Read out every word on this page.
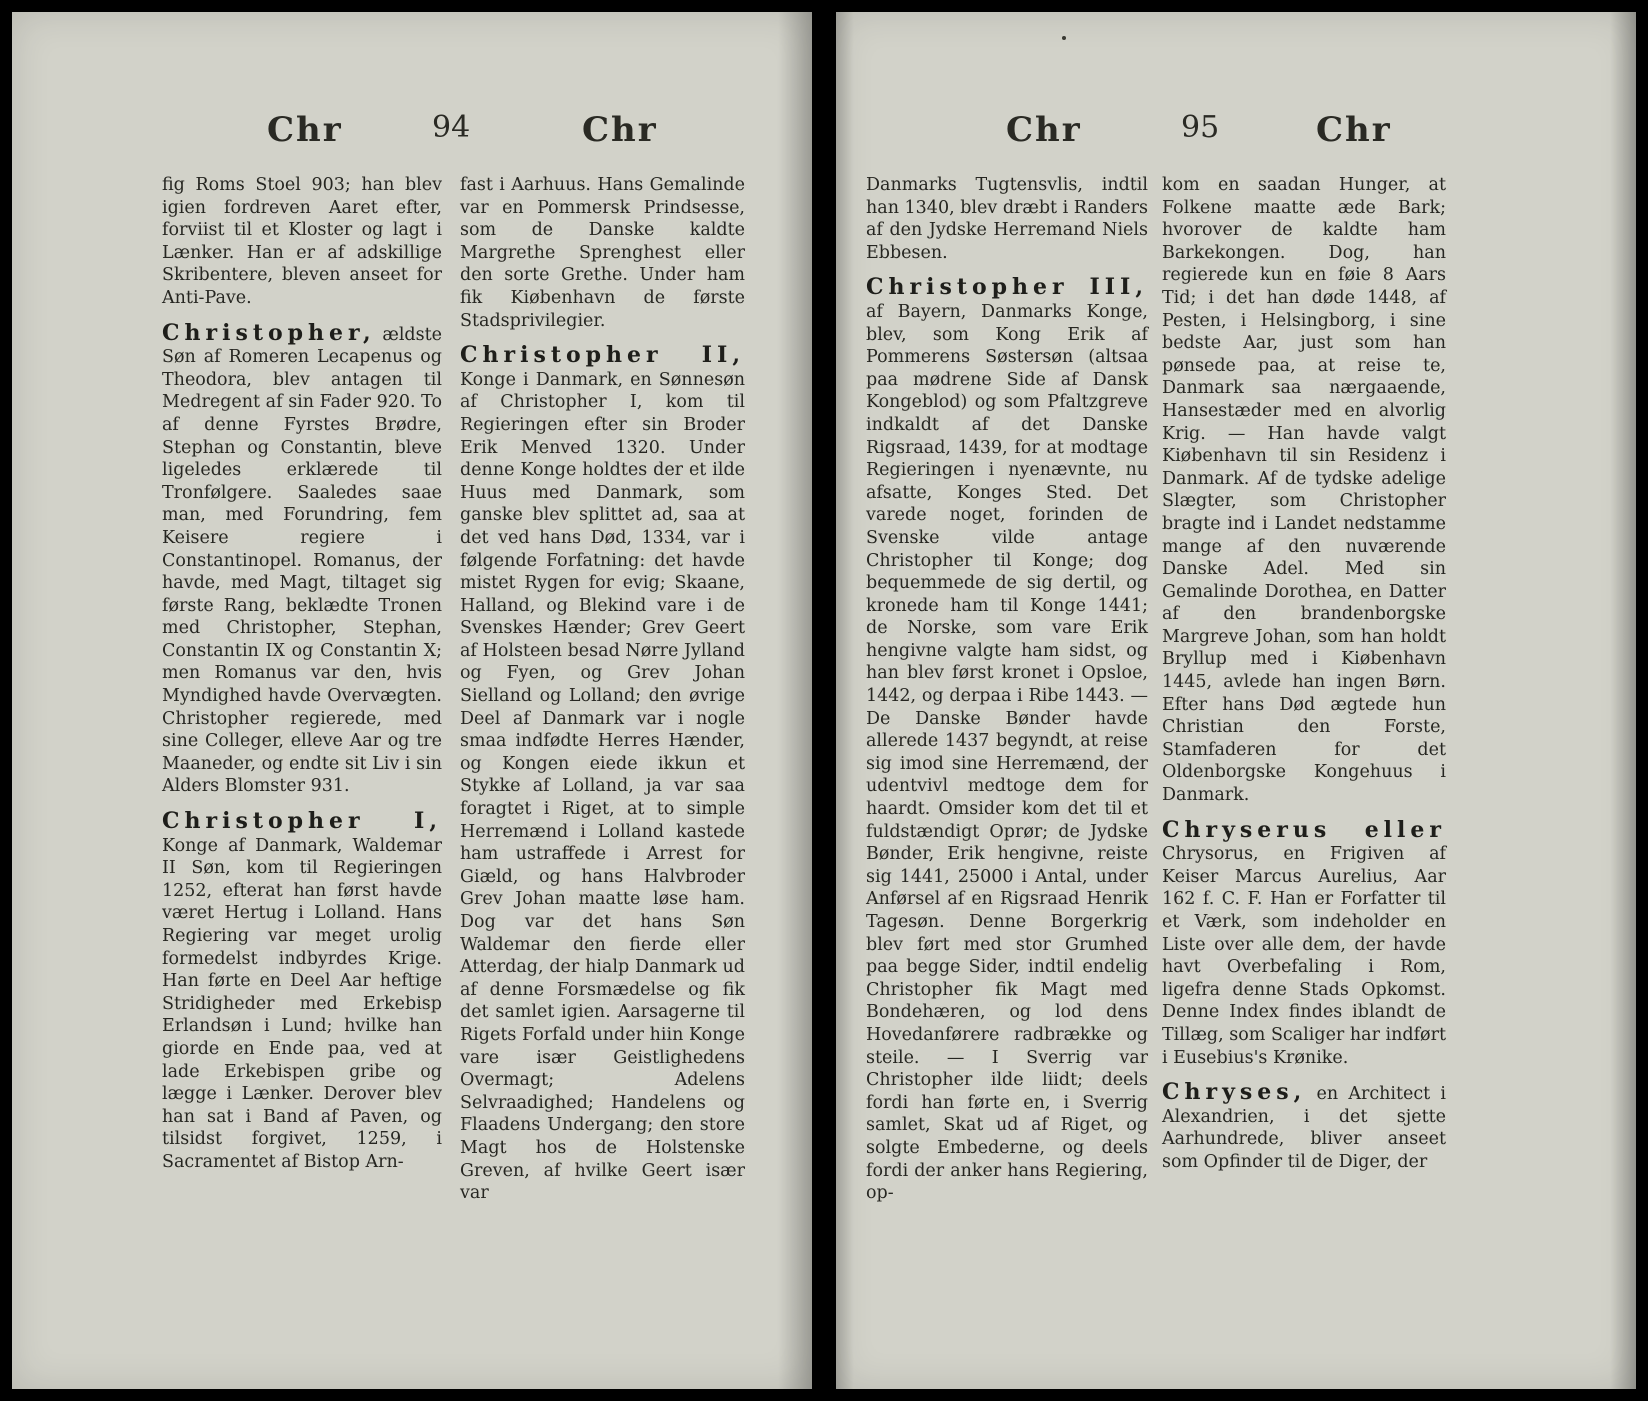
Chr	94	Chr

fig Roms Stoel 903; han blev igien fordreven Aaret efter, forviist til et Kloster og lagt i Lænker. Han er af adskillige Skribentere, bleven anseet for Anti-Pave.

Christopher, ældste Søn af Romeren Lecapenus og Theodora, blev antagen til Medregent af sin Fader 920. To af denne Fyrstes Brødre, Stephan og Constantin, bleve ligeledes erklærede til Tronfølgere. Saaledes saae man, med Forundring, fem Keisere regiere i Constantinopel. Romanus, der havde, med Magt, tiltaget sig første Rang, beklædte Tronen med Christopher, Stephan, Constantin IX og Constantin X; men Romanus var den, hvis Myndighed havde Overvægten. Christopher regierede, med sine Colleger, elleve Aar og tre Maaneder, og endte sit Liv i sin Alders Blomster 931.

Christopher I, Konge af Danmark, Waldemar II Søn, kom til Regieringen 1252, efterat han først havde været Hertug i Lolland. Hans Regiering var meget urolig formedelst indbyrdes Krige. Han førte en Deel Aar heftige Stridigheder med Erkebisp Erlandsøn i Lund; hvilke han giorde en Ende paa, ved at lade Erkebispen gribe og lægge i Lænker. Derover blev han sat i Band af Paven, og tilsidst forgivet, 1259, i Sacramentet af Bistop Arn-

fast i Aarhuus. Hans Gemalinde var en Pommersk Prindsesse, som de Danske kaldte Margrethe Sprenghest eller den sorte Grethe. Under ham fik Kiøbenhavn de første Stadsprivilegier.

Christopher II, Konge i Danmark, en Sønnesøn af Christopher I, kom til Regieringen efter sin Broder Erik Menved 1320. Under denne Konge holdtes der et ilde Huus med Danmark, som ganske blev splittet ad, saa at det ved hans Død, 1334, var i følgende Forfatning: det havde mistet Rygen for evig; Skaane, Halland, og Blekind vare i de Svenskes Hænder; Grev Geert af Holsteen besad Nørre Jylland og Fyen, og Grev Johan Sielland og Lolland; den øvrige Deel af Danmark var i nogle smaa indfødte Herres Hænder, og Kongen eiede ikkun et Stykke af Lolland, ja var saa foragtet i Riget, at to simple Herremænd i Lolland kastede ham ustraffede i Arrest for Giæld, og hans Halvbroder Grev Johan maatte løse ham. Dog var det hans Søn Waldemar den fierde eller Atterdag, der hialp Danmark ud af denne Forsmædelse og fik det samlet igien. Aarsagerne til Rigets Forfald under hiin Konge vare især Geistlighedens Overmagt; Adelens Selvraadighed; Handelens og Flaadens Undergang; den store Magt hos de Holstenske Greven, af hvilke Geert især var

Chr	95	Chr

Danmarks Tugtensvlis, indtil han 1340, blev dræbt i Randers af den Jydske Herremand Niels Ebbesen.

Christopher III, af Bayern, Danmarks Konge, blev, som Kong Erik af Pommerens Søstersøn (altsaa paa mødrene Side af Dansk Kongeblod) og som Pfaltzgreve indkaldt af det Danske Rigsraad, 1439, for at modtage Regieringen i nyenævnte, nu afsatte, Konges Sted. Det varede noget, forinden de Svenske vilde antage Christopher til Konge; dog bequemmede de sig dertil, og kronede ham til Konge 1441; de Norske, som vare Erik hengivne valgte ham sidst, og han blev først kronet i Opsloe, 1442, og derpaa i Ribe 1443. — De Danske Bønder havde allerede 1437 begyndt, at reise sig imod sine Herremænd, der udentvivl medtoge dem for haardt. Omsider kom det til et fuldstændigt Oprør; de Jydske Bønder, Erik hengivne, reiste sig 1441, 25000 i Antal, under Anførsel af en Rigsraad Henrik Tagesøn. Denne Borgerkrig blev ført med stor Grumhed paa begge Sider, indtil endelig Christopher fik Magt med Bondehæren, og lod dens Hovedanførere radbrække og steile. — I Sverrig var Christopher ilde liidt; deels fordi han førte en, i Sverrig samlet, Skat ud af Riget, og solgte Embederne, og deels fordi der anker hans Regiering, op-

kom en saadan Hunger, at Folkene maatte æde Bark; hvorover de kaldte ham Barkekongen. Dog, han regierede kun en føie 8 Aars Tid; i det han døde 1448, af Pesten, i Helsingborg, i sine bedste Aar, just som han pønsede paa, at reise te, Danmark saa nærgaaende, Hansestæder med en alvorlig Krig. — Han havde valgt Kiøbenhavn til sin Residenz i Danmark. Af de tydske adelige Slægter, som Christopher bragte ind i Landet nedstamme mange af den nuværende Danske Adel. Med sin Gemalinde Dorothea, en Datter af den brandenborgske Margreve Johan, som han holdt Bryllup med i Kiøbenhavn 1445, avlede han ingen Børn. Efter hans Død ægtede hun Christian den Forste, Stamfaderen for det Oldenborgske Kongehuus i Danmark.

Chryserus eller Chrysorus, en Frigiven af Keiser Marcus Aurelius, Aar 162 f. C. F. Han er Forfatter til et Værk, som indeholder en Liste over alle dem, der havde havt Overbefaling i Rom, ligefra denne Stads Opkomst. Denne Index findes iblandt de Tillæg, som Scaliger har indført i Eusebius's Krønike.

Chryses, en Architect i Alexandrien, i det sjette Aarhundrede, bliver anseet som Opfinder til de Diger, der
